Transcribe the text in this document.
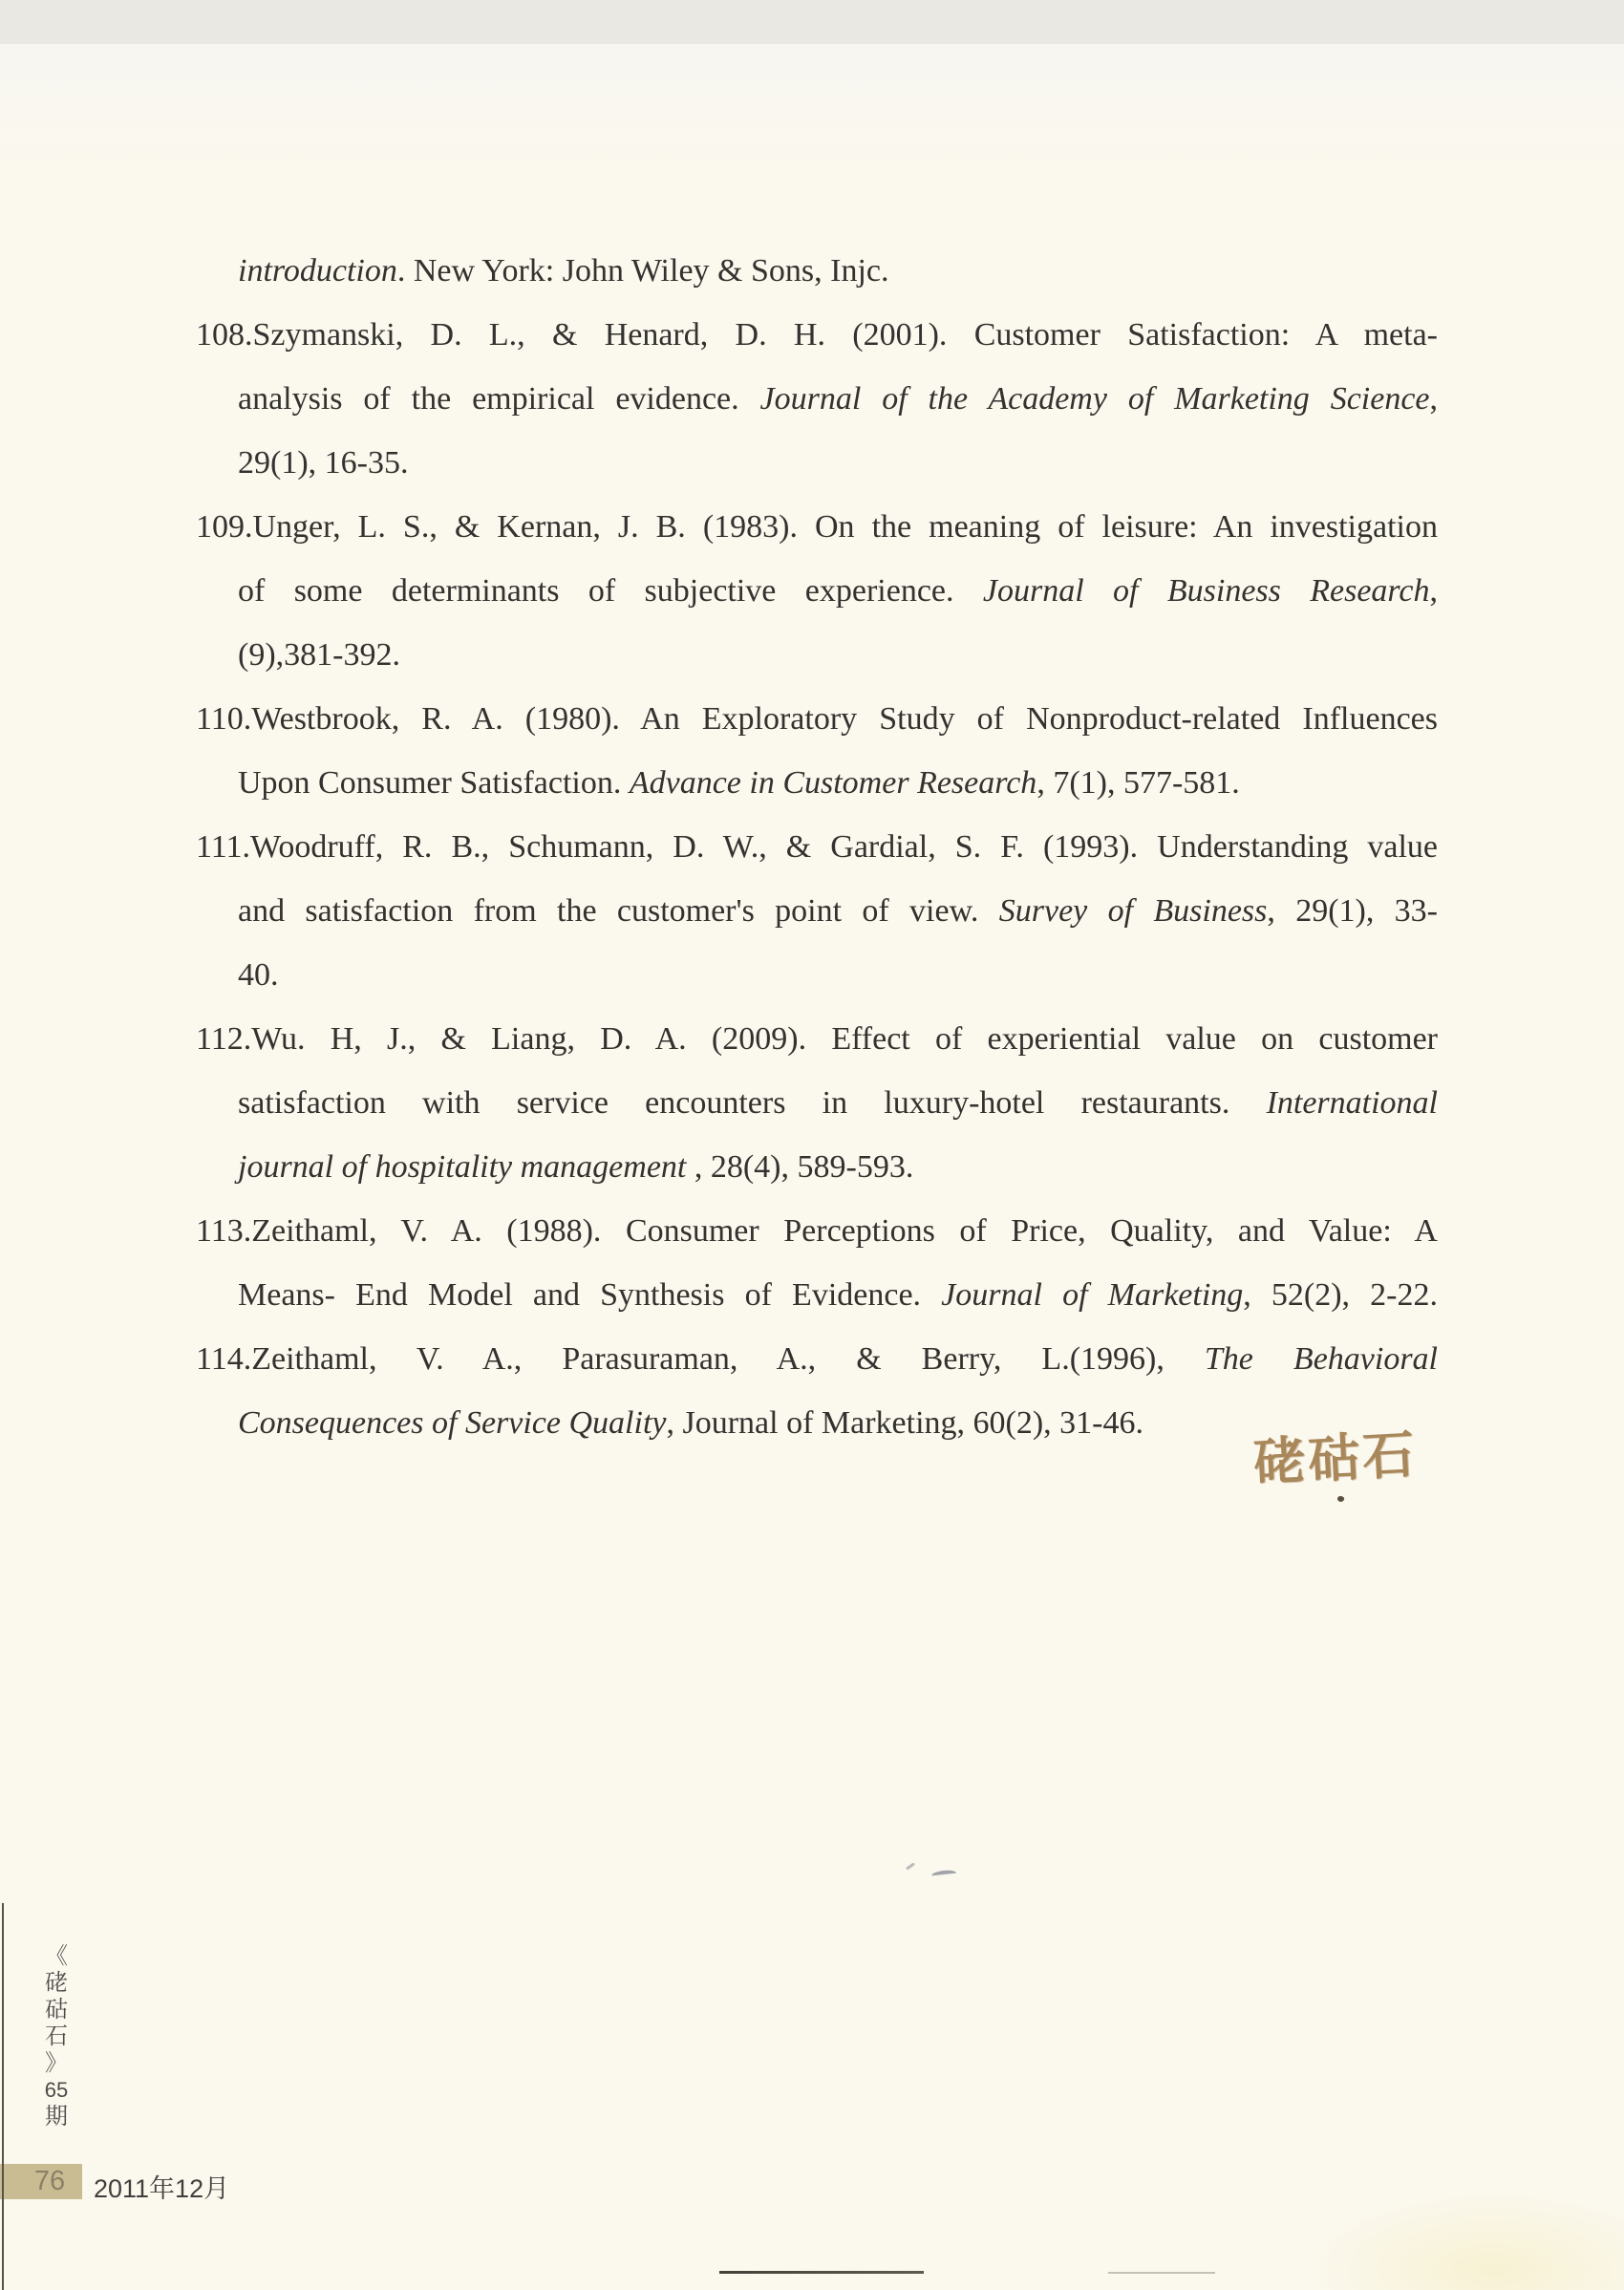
introduction. New York: John Wiley & Sons, Injc.
108.Szymanski, D. L., & Henard, D. H. (2001). Customer Satisfaction: A meta-
analysis of the empirical evidence. Journal of the Academy of Marketing Science,
29(1), 16-35.
109.Unger, L. S., & Kernan, J. B. (1983). On the meaning of leisure: An investigation
of some determinants of subjective experience. Journal of Business Research,
(9),381-392.
110.Westbrook, R. A. (1980). An Exploratory Study of Nonproduct-related Influences
Upon Consumer Satisfaction. Advance in Customer Research, 7(1), 577-581.
111.Woodruff, R. B., Schumann, D. W., & Gardial, S. F. (1993). Understanding value
and satisfaction from the customer's point of view. Survey of Business, 29(1), 33-
40.
112.Wu. H, J., & Liang, D. A. (2009). Effect of experiential value on customer
satisfaction with service encounters in luxury-hotel restaurants. International
journal of hospitality management , 28(4), 589-593.
113.Zeithaml, V. A. (1988). Consumer Perceptions of Price, Quality, and Value: A
Means- End Model and Synthesis of Evidence. Journal of Marketing, 52(2), 2-22.
114.Zeithaml, V. A., Parasuraman, A., & Berry, L.(1996), The Behavioral
Consequences of Service Quality, Journal of Marketing, 60(2), 31-46.
硓𥑮石
《
硓
𥑮
石
》
65
期
76 2011年12月
